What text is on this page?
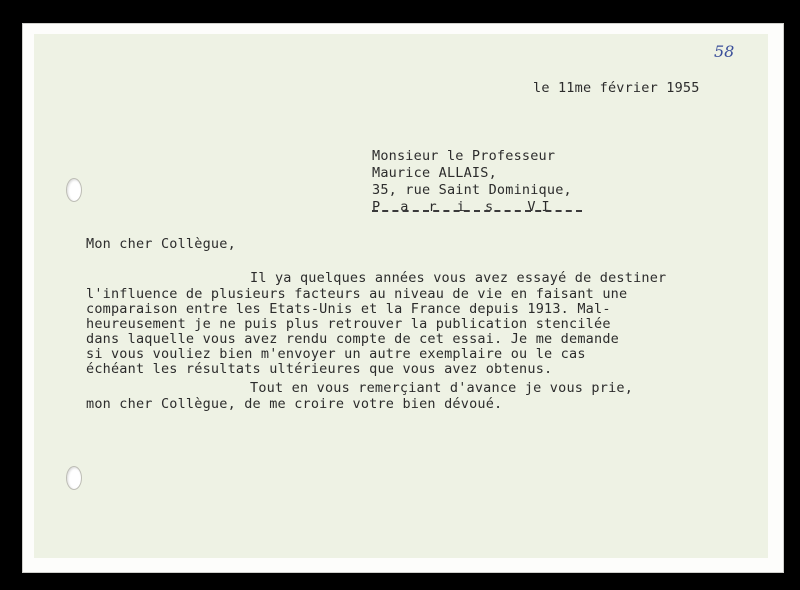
58
le 11me février 1955
Monsieur le Professeur
Maurice ALLAIS,
35, rue Saint Dominique,
P a r i s  VI
Mon cher Collègue,
Il ya quelques années vous avez essayé de destiner
l'influence de plusieurs facteurs au niveau de vie en faisant une
comparaison entre les Etats-Unis et la France depuis 1913. Mal-
heureusement je ne puis plus retrouver la publication stencilée
dans laquelle vous avez rendu compte de cet essai. Je me demande
si vous vouliez bien m'envoyer un autre exemplaire ou le cas
échéant les résultats ultérieures que vous avez obtenus.
Tout en vous remerçiant d'avance je vous prie,
mon cher Collègue, de me croire votre bien dévoué.
